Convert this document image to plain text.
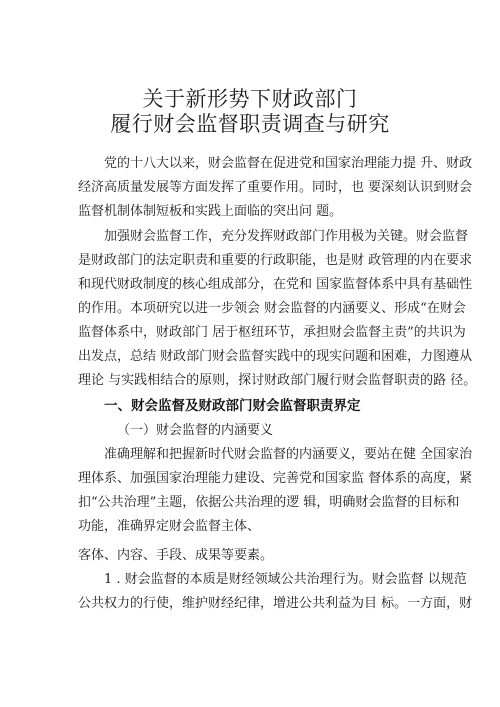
关于新形势下财政部门
履行财会监督职责调查与研究
党的十八大以来，财会监督在促进党和国家治理能力提 升、财政
经济高质量发展等方面发挥了重要作用。同时，也 要深刻认识到财会
监督机制体制短板和实践上面临的突出问 题。
加强财会监督工作，充分发挥财政部门作用极为关键。财会监督
是财政部门的法定职责和重要的行政职能，也是财 政管理的内在要求
和现代财政制度的核心组成部分，在党和 国家监督体系中具有基础性
的作用。本项研究以进一步领会 财会监督的内涵要义、形成“在财会
监督体系中，财政部门 居于枢纽环节，承担财会监督主责”的共识为
出发点，总结 财政部门财会监督实践中的现实问题和困难，力图遵从
理论 与实践相结合的原则，探讨财政部门履行财会监督职责的路 径。
一、财会监督及财政部门财会监督职责界定
（一）财会监督的内涵要义
准确理解和把握新时代财会监督的内涵要义，要站在健 全国家治
理体系、加强国家治理能力建设、完善党和国家监 督体系的高度，紧
扣“公共治理”主题，依据公共治理的逻 辑，明确财会监督的目标和
功能，准确界定财会监督主体、
客体、内容、手段、成果等要素。
1 . 财会监督的本质是财经领域公共治理行为。财会监督 以规范
公共权力的行使，维护财经纪律，增进公共利益为目 标。一方面，财
